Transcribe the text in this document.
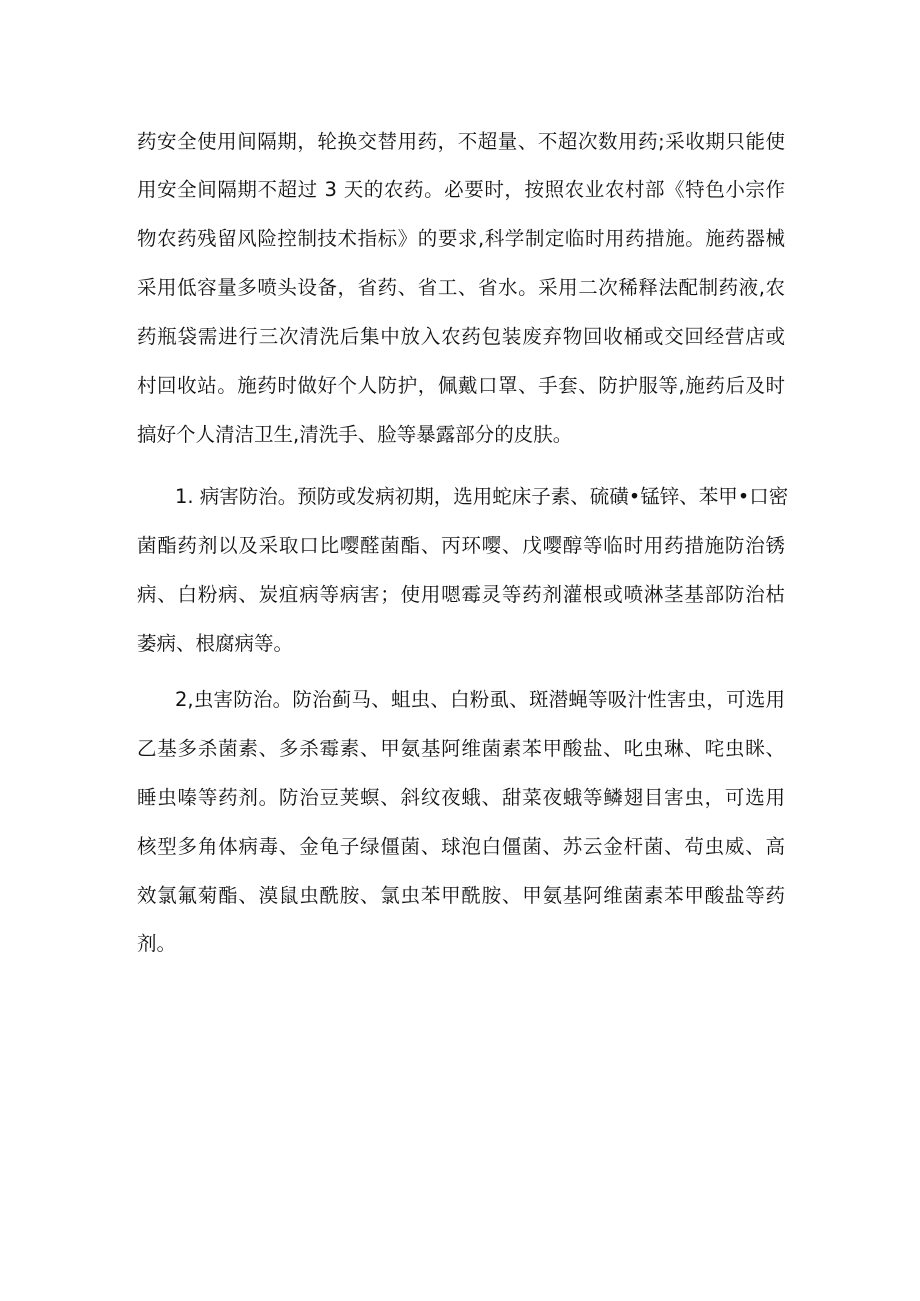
药安全使用间隔期，轮换交替用药，不超量、不超次数用药;采收期只能使
用安全间隔期不超过 3 天的农药。必要时，按照农业农村部《特色小宗作
物农药残留风险控制技术指标》的要求,科学制定临时用药措施。施药器械
采用低容量多喷头设备，省药、省工、省水。采用二次稀释法配制药液,农
药瓶袋需进行三次清洗后集中放入农药包装废弃物回收桶或交回经营店或
村回收站。施药时做好个人防护，佩戴口罩、手套、防护服等,施药后及时
搞好个人清洁卫生,清洗手、脸等暴露部分的皮肤。
1. 病害防治。预防或发病初期，选用蛇床子素、硫磺•锰锌、苯甲•口密
菌酯药剂以及采取口比嘤醛菌酯、丙环嘤、戊嘤醇等临时用药措施防治锈
病、白粉病、炭疽病等病害；使用嗯霉灵等药剂灌根或喷淋茎基部防治枯
萎病、根腐病等。
2,虫害防治。防治蓟马、蛆虫、白粉虱、斑潜蝇等吸汁性害虫，可选用
乙基多杀菌素、多杀霉素、甲氨基阿维菌素苯甲酸盐、叱虫琳、咤虫眯、
睡虫嗪等药剂。防治豆荚螟、斜纹夜蛾、甜菜夜蛾等鳞翅目害虫，可选用
核型多角体病毒、金龟子绿僵菌、球泡白僵菌、苏云金杆菌、茍虫威、高
效氯氟菊酯、漠鼠虫酰胺、氯虫苯甲酰胺、甲氨基阿维菌素苯甲酸盐等药
剂。
